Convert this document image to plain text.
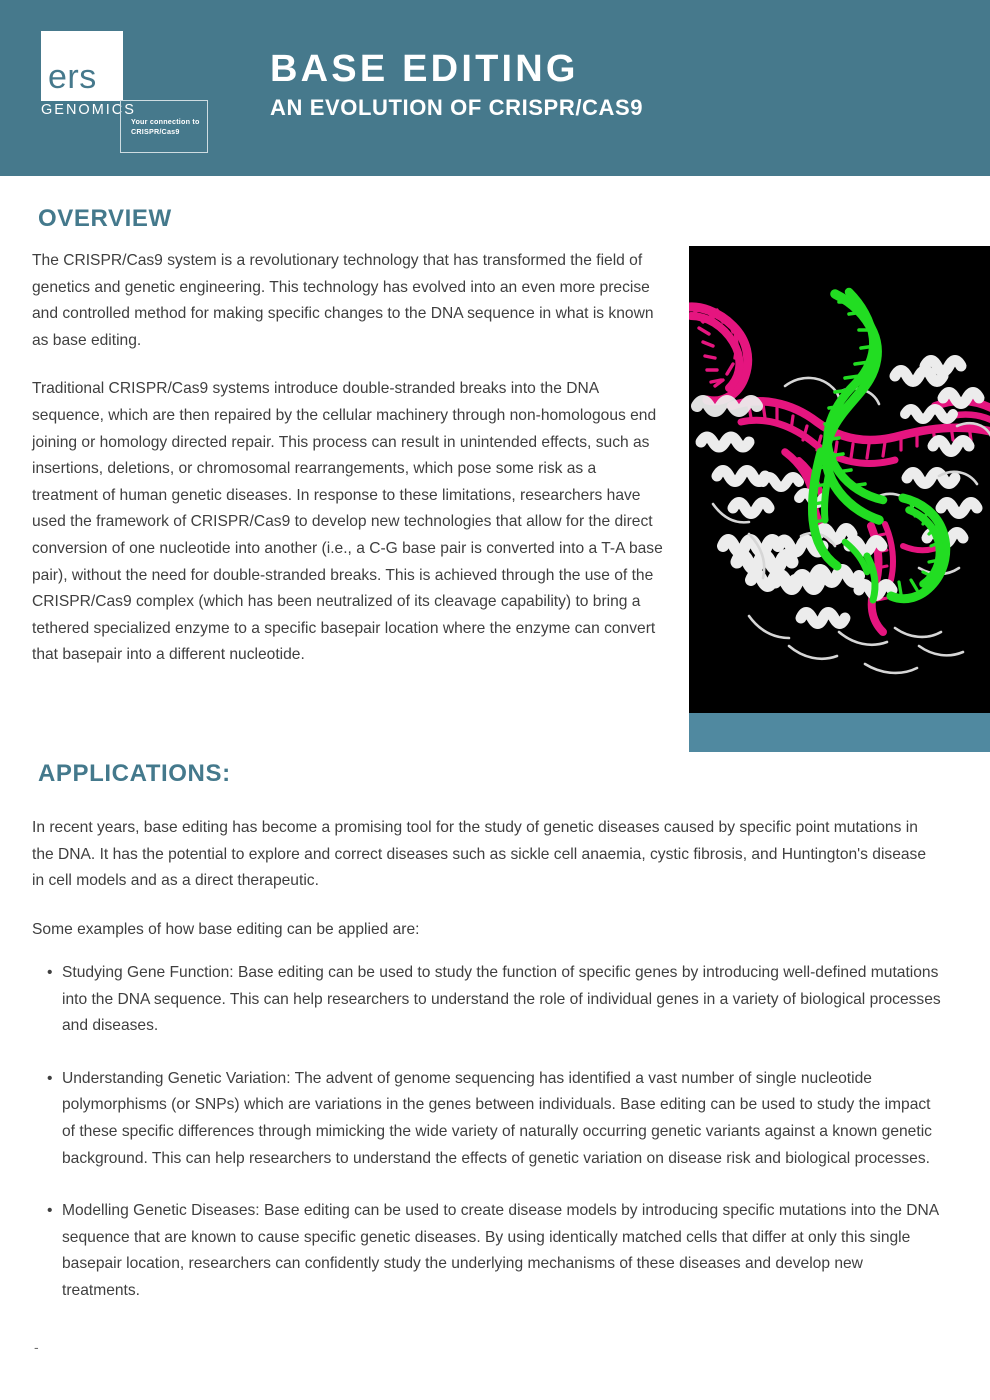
ers
GENOMICS
Your connection to CRISPR/Cas9
BASE EDITING
AN EVOLUTION OF CRISPR/CAS9
OVERVIEW

The CRISPR/Cas9 system is a revolutionary technology that has transformed the field of genetics and genetic engineering. This technology has evolved into an even more precise and controlled method for making specific changes to the DNA sequence in what is known as base editing.

Traditional CRISPR/Cas9 systems introduce double-stranded breaks into the DNA sequence, which are then repaired by the cellular machinery through non-homologous end joining or homology directed repair. This process can result in unintended effects, such as insertions, deletions, or chromosomal rearrangements, which pose some risk as a treatment of human genetic diseases. In response to these limitations, researchers have used the framework of CRISPR/Cas9 to develop new technologies that allow for the direct conversion of one nucleotide into another (i.e., a C-G base pair is converted into a T-A base pair), without the need for double-stranded breaks. This is achieved through the use of the CRISPR/Cas9 complex (which has been neutralized of its cleavage capability) to bring a tethered specialized enzyme to a specific basepair location where the enzyme can convert that basepair into a different nucleotide.

APPLICATIONS:

In recent years, base editing has become a promising tool for the study of genetic diseases caused by specific point mutations in the DNA. It has the potential to explore and correct diseases such as sickle cell anaemia, cystic fibrosis, and Huntington's disease in cell models and as a direct therapeutic.

Some examples of how base editing can be applied are:

• Studying Gene Function: Base editing can be used to study the function of specific genes by introducing well-defined mutations into the DNA sequence. This can help researchers to understand the role of individual genes in a variety of biological processes and diseases.
• Understanding Genetic Variation: The advent of genome sequencing has identified a vast number of single nucleotide polymorphisms (or SNPs) which are variations in the genes between individuals. Base editing can be used to study the impact of these specific differences through mimicking the wide variety of naturally occurring genetic variants against a known genetic background. This can help researchers to understand the effects of genetic variation on disease risk and biological processes.
• Modelling Genetic Diseases: Base editing can be used to create disease models by introducing specific mutations into the DNA sequence that are known to cause specific genetic diseases. By using identically matched cells that differ at only this single basepair location, researchers can confidently study the underlying mechanisms of these diseases and develop new treatments.
-
